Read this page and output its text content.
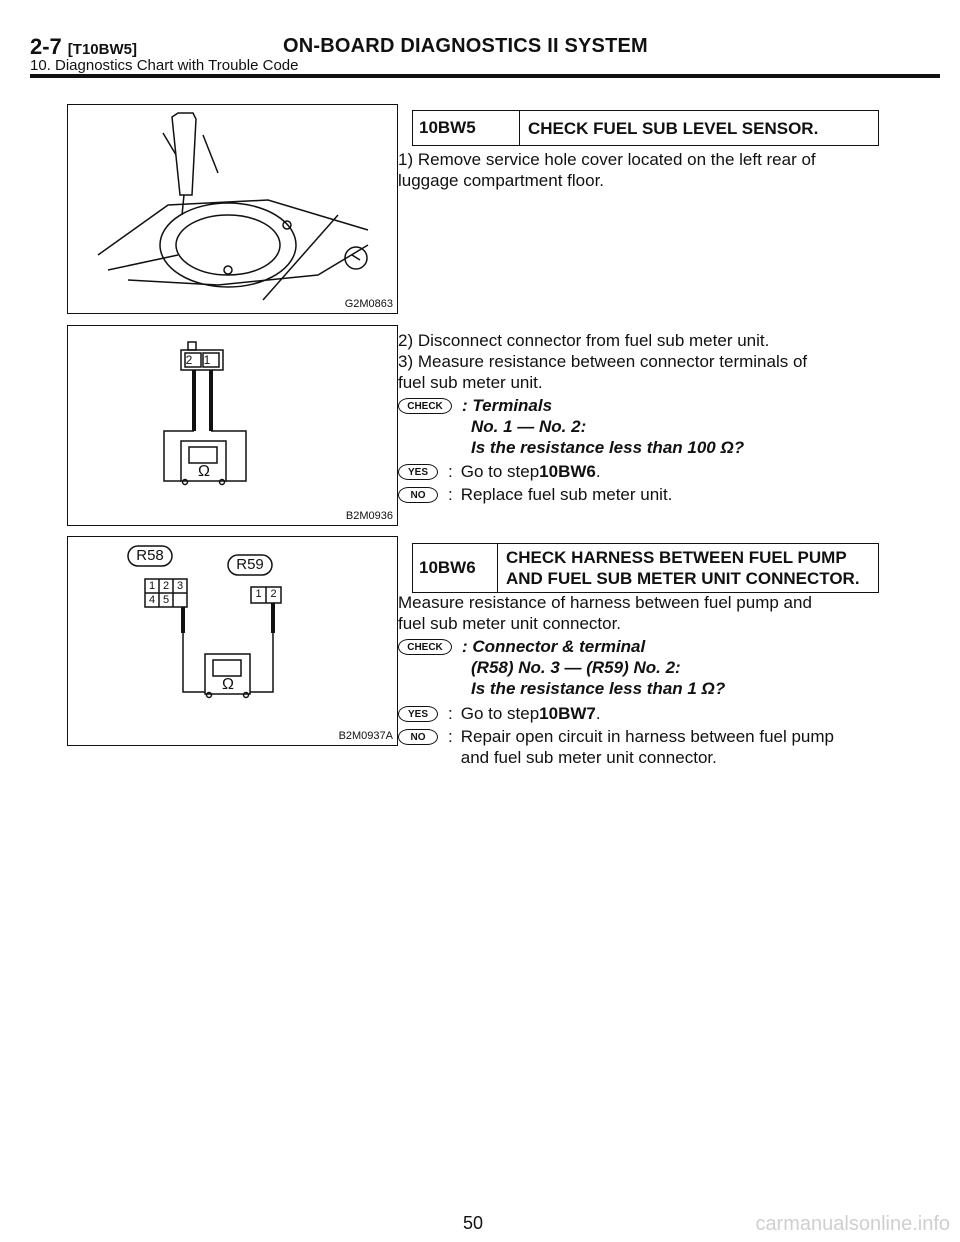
2-7 [T10BW5]	ON-BOARD DIAGNOSTICS II SYSTEM
10. Diagnostics Chart with Trouble Code
G2M0863
2 1
Ω
B2M0936
R58
R59
1 2 3
4 5	1 2
Ω
B2M0937A
10BW5	CHECK FUEL SUB LEVEL SENSOR.
1) Remove service hole cover located on the left rear of
luggage compartment floor.
2) Disconnect connector from fuel sub meter unit.
3) Measure resistance between connector terminals of
fuel sub meter unit.
CHECK	: Terminals
No. 1 — No. 2:
Is the resistance less than 100 Ω?
YES	: Go to step 10BW6 .
NO	: Replace fuel sub meter unit.
10BW6
CHECK HARNESS BETWEEN FUEL PUMP
AND FUEL SUB METER UNIT CONNECTOR.
Measure resistance of harness between fuel pump and
fuel sub meter unit connector.
CHECK	: Connector & terminal
(R58) No. 3 — (R59) No. 2:
Is the resistance less than 1 Ω?
YES	: Go to step 10BW7 .
NO	: Repair open circuit in harness between fuel pump
and fuel sub meter unit connector.
50	carmanualsonline.info
